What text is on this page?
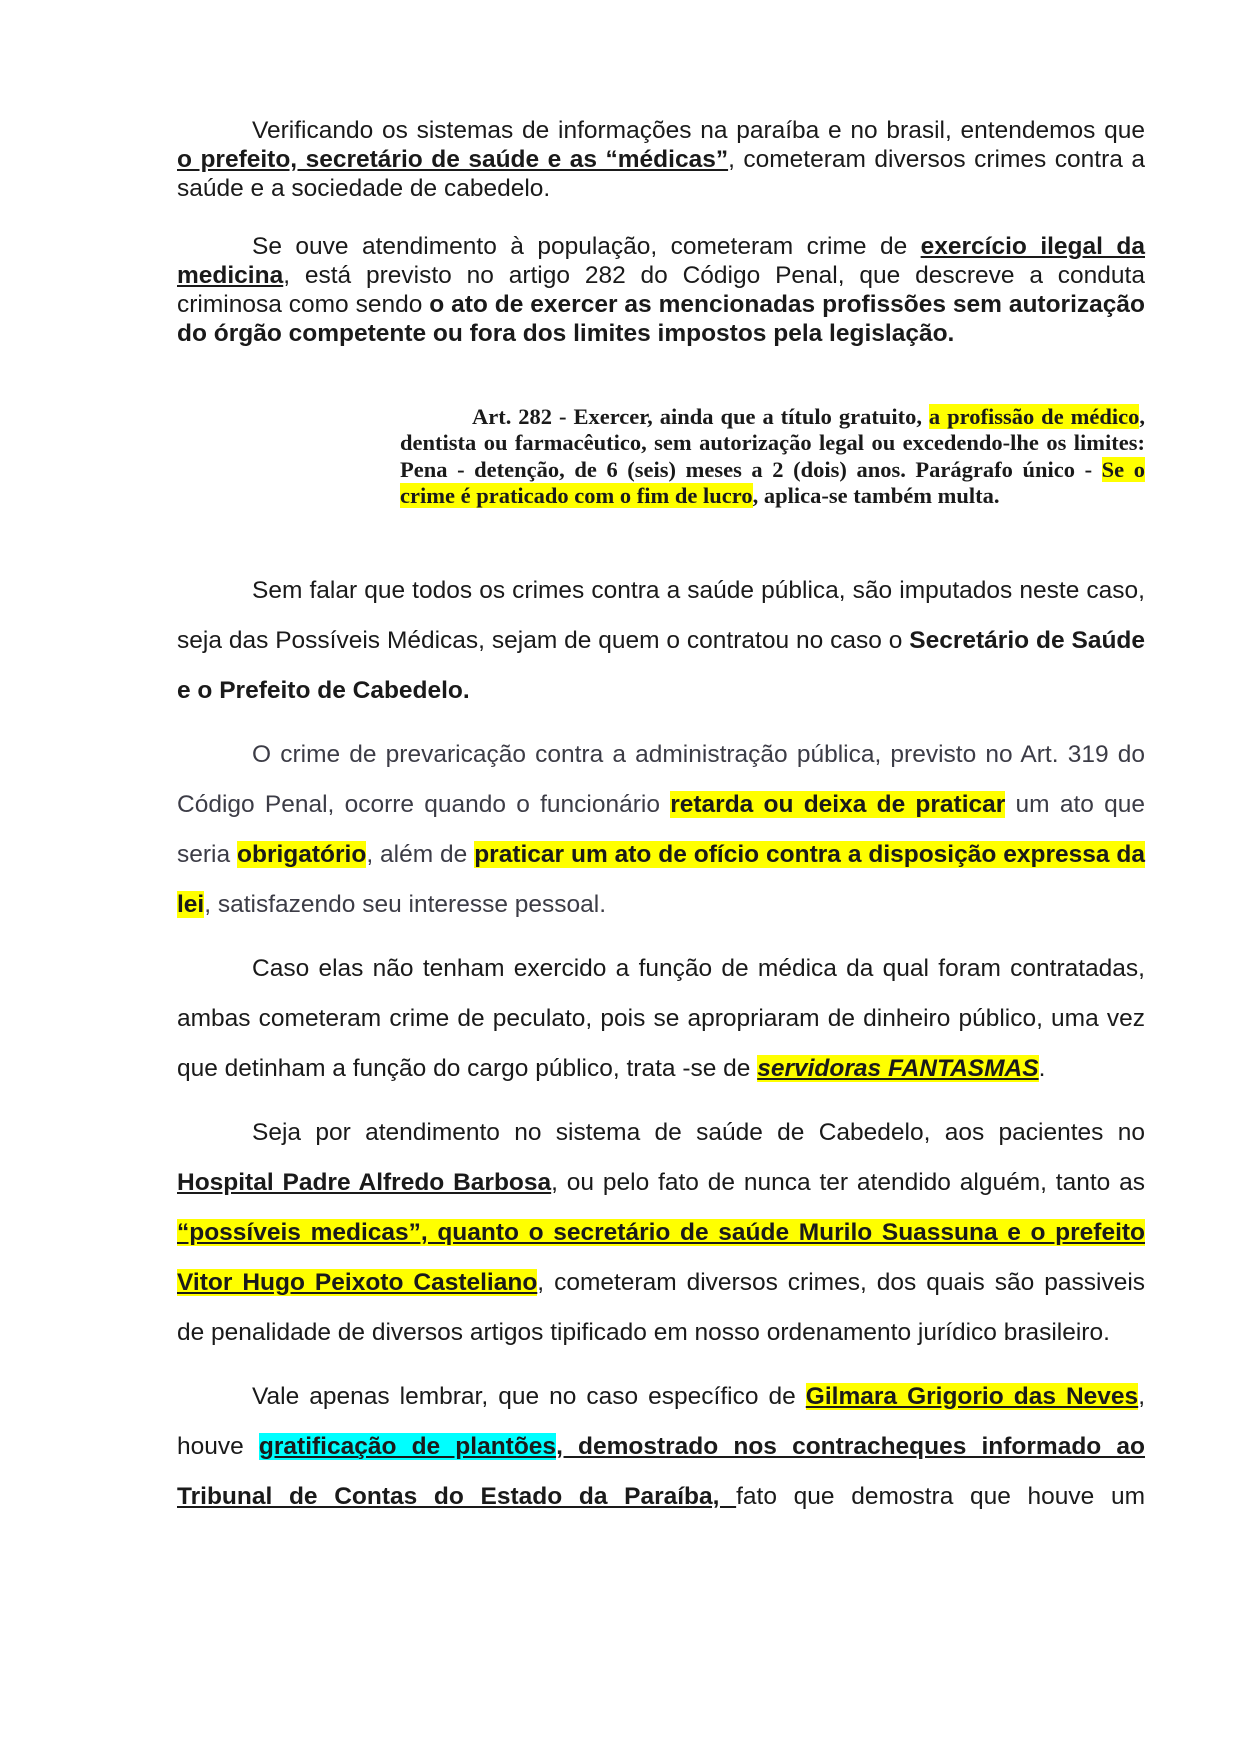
Verificando os sistemas de informações na paraíba e no brasil, entendemos que o prefeito, secretário de saúde e as “médicas”, cometeram diversos crimes contra a saúde e a sociedade de cabedelo.

Se ouve atendimento à população, cometeram crime de exercício ilegal da medicina, está previsto no artigo 282 do Código Penal, que descreve a conduta criminosa como sendo o ato de exercer as mencionadas profissões sem autorização do órgão competente ou fora dos limites impostos pela legislação.

Art. 282 - Exercer, ainda que a título gratuito, a profissão de médico, dentista ou farmacêutico, sem autorização legal ou excedendo-lhe os limites: Pena - detenção, de 6 (seis) meses a 2 (dois) anos. Parágrafo único - Se o crime é praticado com o fim de lucro, aplica-se também multa.

Sem falar que todos os crimes contra a saúde pública, são imputados neste caso, seja das Possíveis Médicas, sejam de quem o contratou no caso o Secretário de Saúde e o Prefeito de Cabedelo.

O crime de prevaricação contra a administração pública, previsto no Art. 319 do Código Penal, ocorre quando o funcionário retarda ou deixa de praticar um ato que seria obrigatório, além de praticar um ato de ofício contra a disposição expressa da lei, satisfazendo seu interesse pessoal.

Caso elas não tenham exercido a função de médica da qual foram contratadas, ambas cometeram crime de peculato, pois se apropriaram de dinheiro público, uma vez que detinham a função do cargo público, trata -se de servidoras FANTASMAS.

Seja por atendimento no sistema de saúde de Cabedelo, aos pacientes no Hospital Padre Alfredo Barbosa, ou pelo fato de nunca ter atendido alguém, tanto as “possíveis medicas”, quanto o secretário de saúde Murilo Suassuna e o prefeito Vitor Hugo Peixoto Casteliano, cometeram diversos crimes, dos quais são passiveis de penalidade de diversos artigos tipificado em nosso ordenamento jurídico brasileiro.

Vale apenas lembrar, que no caso específico de Gilmara Grigorio das Neves, houve gratificação de plantões, demostrado nos contracheques informado ao Tribunal de Contas do Estado da Paraíba, fato que demostra que houve um
